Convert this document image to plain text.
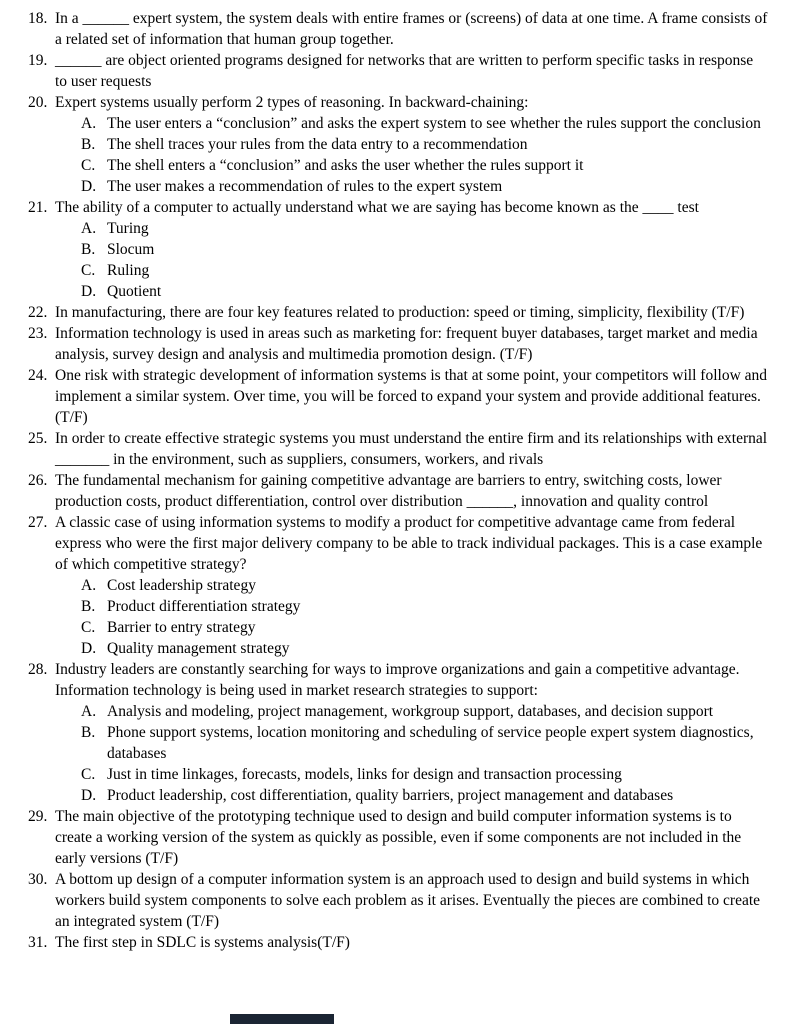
18. In a ______ expert system, the system deals with entire frames or (screens) of data at one time. A frame consists of a related set of information that human group together.
19. ______ are object oriented programs designed for networks that are written to perform specific tasks in response to user requests
20. Expert systems usually perform 2 types of reasoning. In backward-chaining:
A. The user enters a “conclusion” and asks the expert system to see whether the rules support the conclusion
B. The shell traces your rules from the data entry to a recommendation
C. The shell enters a “conclusion” and asks the user whether the rules support it
D. The user makes a recommendation of rules to the expert system
21. The ability of a computer to actually understand what we are saying has become known as the ____ test
A. Turing
B. Slocum
C. Ruling
D. Quotient
22. In manufacturing, there are four key features related to production: speed or timing, simplicity, flexibility (T/F)
23. Information technology is used in areas such as marketing for: frequent buyer databases, target market and media analysis, survey design and analysis and multimedia promotion design. (T/F)
24. One risk with strategic development of information systems is that at some point, your competitors will follow and implement a similar system. Over time, you will be forced to expand your system and provide additional features. (T/F)
25. In order to create effective strategic systems you must understand the entire firm and its relationships with external _______ in the environment, such as suppliers, consumers, workers, and rivals
26. The fundamental mechanism for gaining competitive advantage are barriers to entry, switching costs, lower production costs, product differentiation, control over distribution ______, innovation and quality control
27. A classic case of using information systems to modify a product for competitive advantage came from federal express who were the first major delivery company to be able to track individual packages. This is a case example of which competitive strategy?
A. Cost leadership strategy
B. Product differentiation strategy
C. Barrier to entry strategy
D. Quality management strategy
28. Industry leaders are constantly searching for ways to improve organizations and gain a competitive advantage. Information technology is being used in market research strategies to support:
A. Analysis and modeling, project management, workgroup support, databases, and decision support
B. Phone support systems, location monitoring and scheduling of service people expert system diagnostics, databases
C. Just in time linkages, forecasts, models, links for design and transaction processing
D. Product leadership, cost differentiation, quality barriers, project management and databases
29. The main objective of the prototyping technique used to design and build computer information systems is to create a working version of the system as quickly as possible, even if some components are not included in the early versions (T/F)
30. A bottom up design of a computer information system is an approach used to design and build systems in which workers build system components to solve each problem as it arises. Eventually the pieces are combined to create an integrated system (T/F)
31. The first step in SDLC is systems analysis(T/F)
